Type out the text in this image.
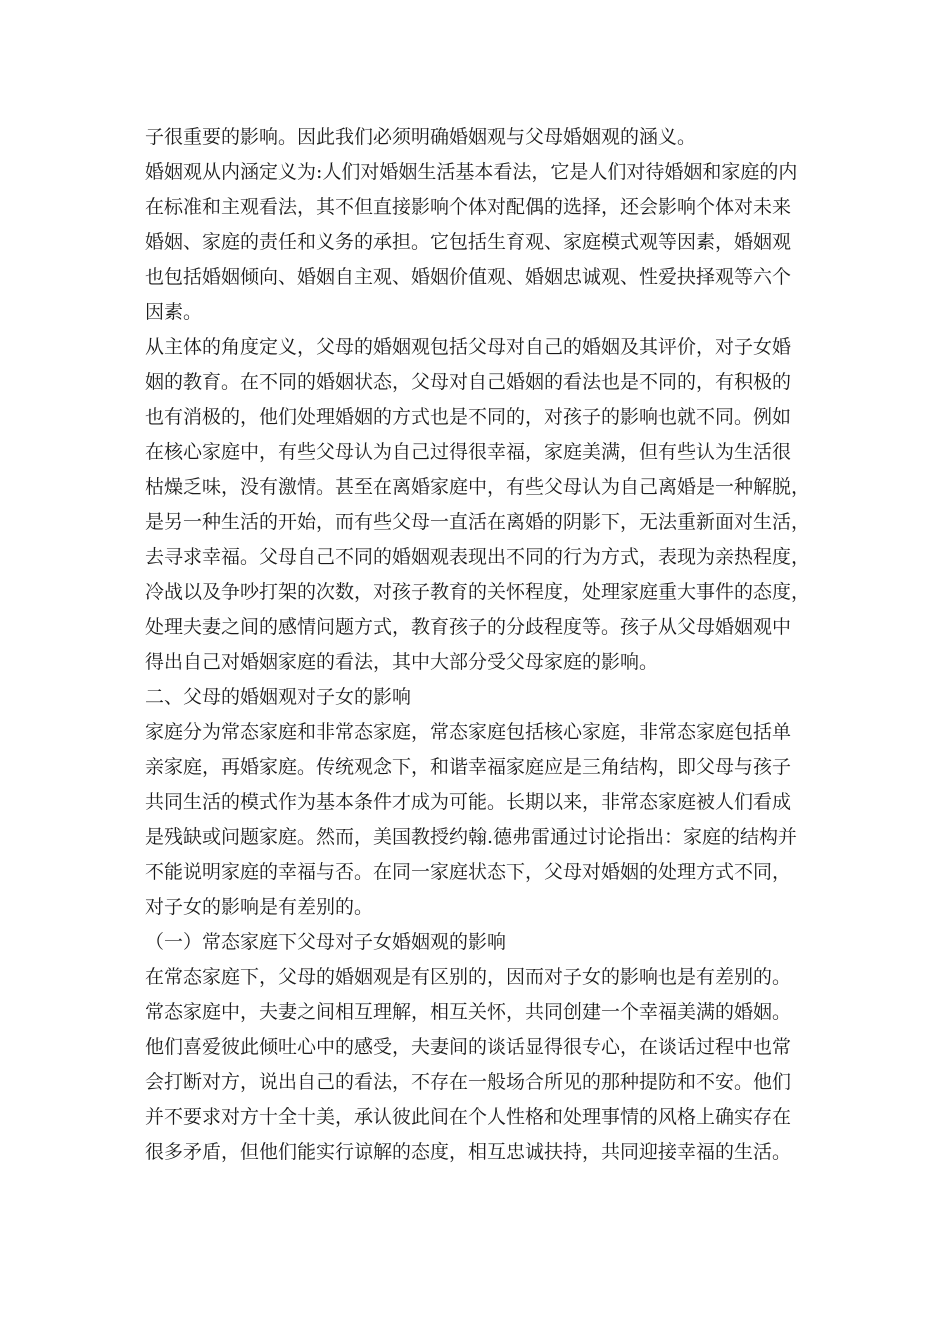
子很重要的影响。因此我们必须明确婚姻观与父母婚姻观的涵义。
婚姻观从内涵定义为:人们对婚姻生活基本看法，它是人们对待婚姻和家庭的内
在标准和主观看法，其不但直接影响个体对配偶的选择，还会影响个体对未来
婚姻、家庭的责任和义务的承担。它包括生育观、家庭模式观等因素，婚姻观
也包括婚姻倾向、婚姻自主观、婚姻价值观、婚姻忠诚观、性爱抉择观等六个
因素。
从主体的角度定义，父母的婚姻观包括父母对自己的婚姻及其评价，对子女婚
姻的教育。在不同的婚姻状态，父母对自己婚姻的看法也是不同的，有积极的
也有消极的，他们处理婚姻的方式也是不同的，对孩子的影响也就不同。例如
在核心家庭中，有些父母认为自己过得很幸福，家庭美满，但有些认为生活很
枯燥乏味，没有激情。甚至在离婚家庭中，有些父母认为自己离婚是一种解脱，
是另一种生活的开始，而有些父母一直活在离婚的阴影下，无法重新面对生活，
去寻求幸福。父母自己不同的婚姻观表现出不同的行为方式，表现为亲热程度，
冷战以及争吵打架的次数，对孩子教育的关怀程度，处理家庭重大事件的态度，
处理夫妻之间的感情问题方式，教育孩子的分歧程度等。孩子从父母婚姻观中
得出自己对婚姻家庭的看法，其中大部分受父母家庭的影响。
二、父母的婚姻观对子女的影响
家庭分为常态家庭和非常态家庭，常态家庭包括核心家庭，非常态家庭包括单
亲家庭，再婚家庭。传统观念下，和谐幸福家庭应是三角结构，即父母与孩子
共同生活的模式作为基本条件才成为可能。长期以来，非常态家庭被人们看成
是残缺或问题家庭。然而，美国教授约翰.德弗雷通过讨论指出：家庭的结构并
不能说明家庭的幸福与否。在同一家庭状态下，父母对婚姻的处理方式不同，
对子女的影响是有差别的。
（一）常态家庭下父母对子女婚姻观的影响
在常态家庭下，父母的婚姻观是有区别的，因而对子女的影响也是有差别的。
常态家庭中，夫妻之间相互理解，相互关怀，共同创建一个幸福美满的婚姻。
他们喜爱彼此倾吐心中的感受，夫妻间的谈话显得很专心，在谈话过程中也常
会打断对方，说出自己的看法，不存在一般场合所见的那种提防和不安。他们
并不要求对方十全十美，承认彼此间在个人性格和处理事情的风格上确实存在
很多矛盾，但他们能实行谅解的态度，相互忠诚扶持，共同迎接幸福的生活。
